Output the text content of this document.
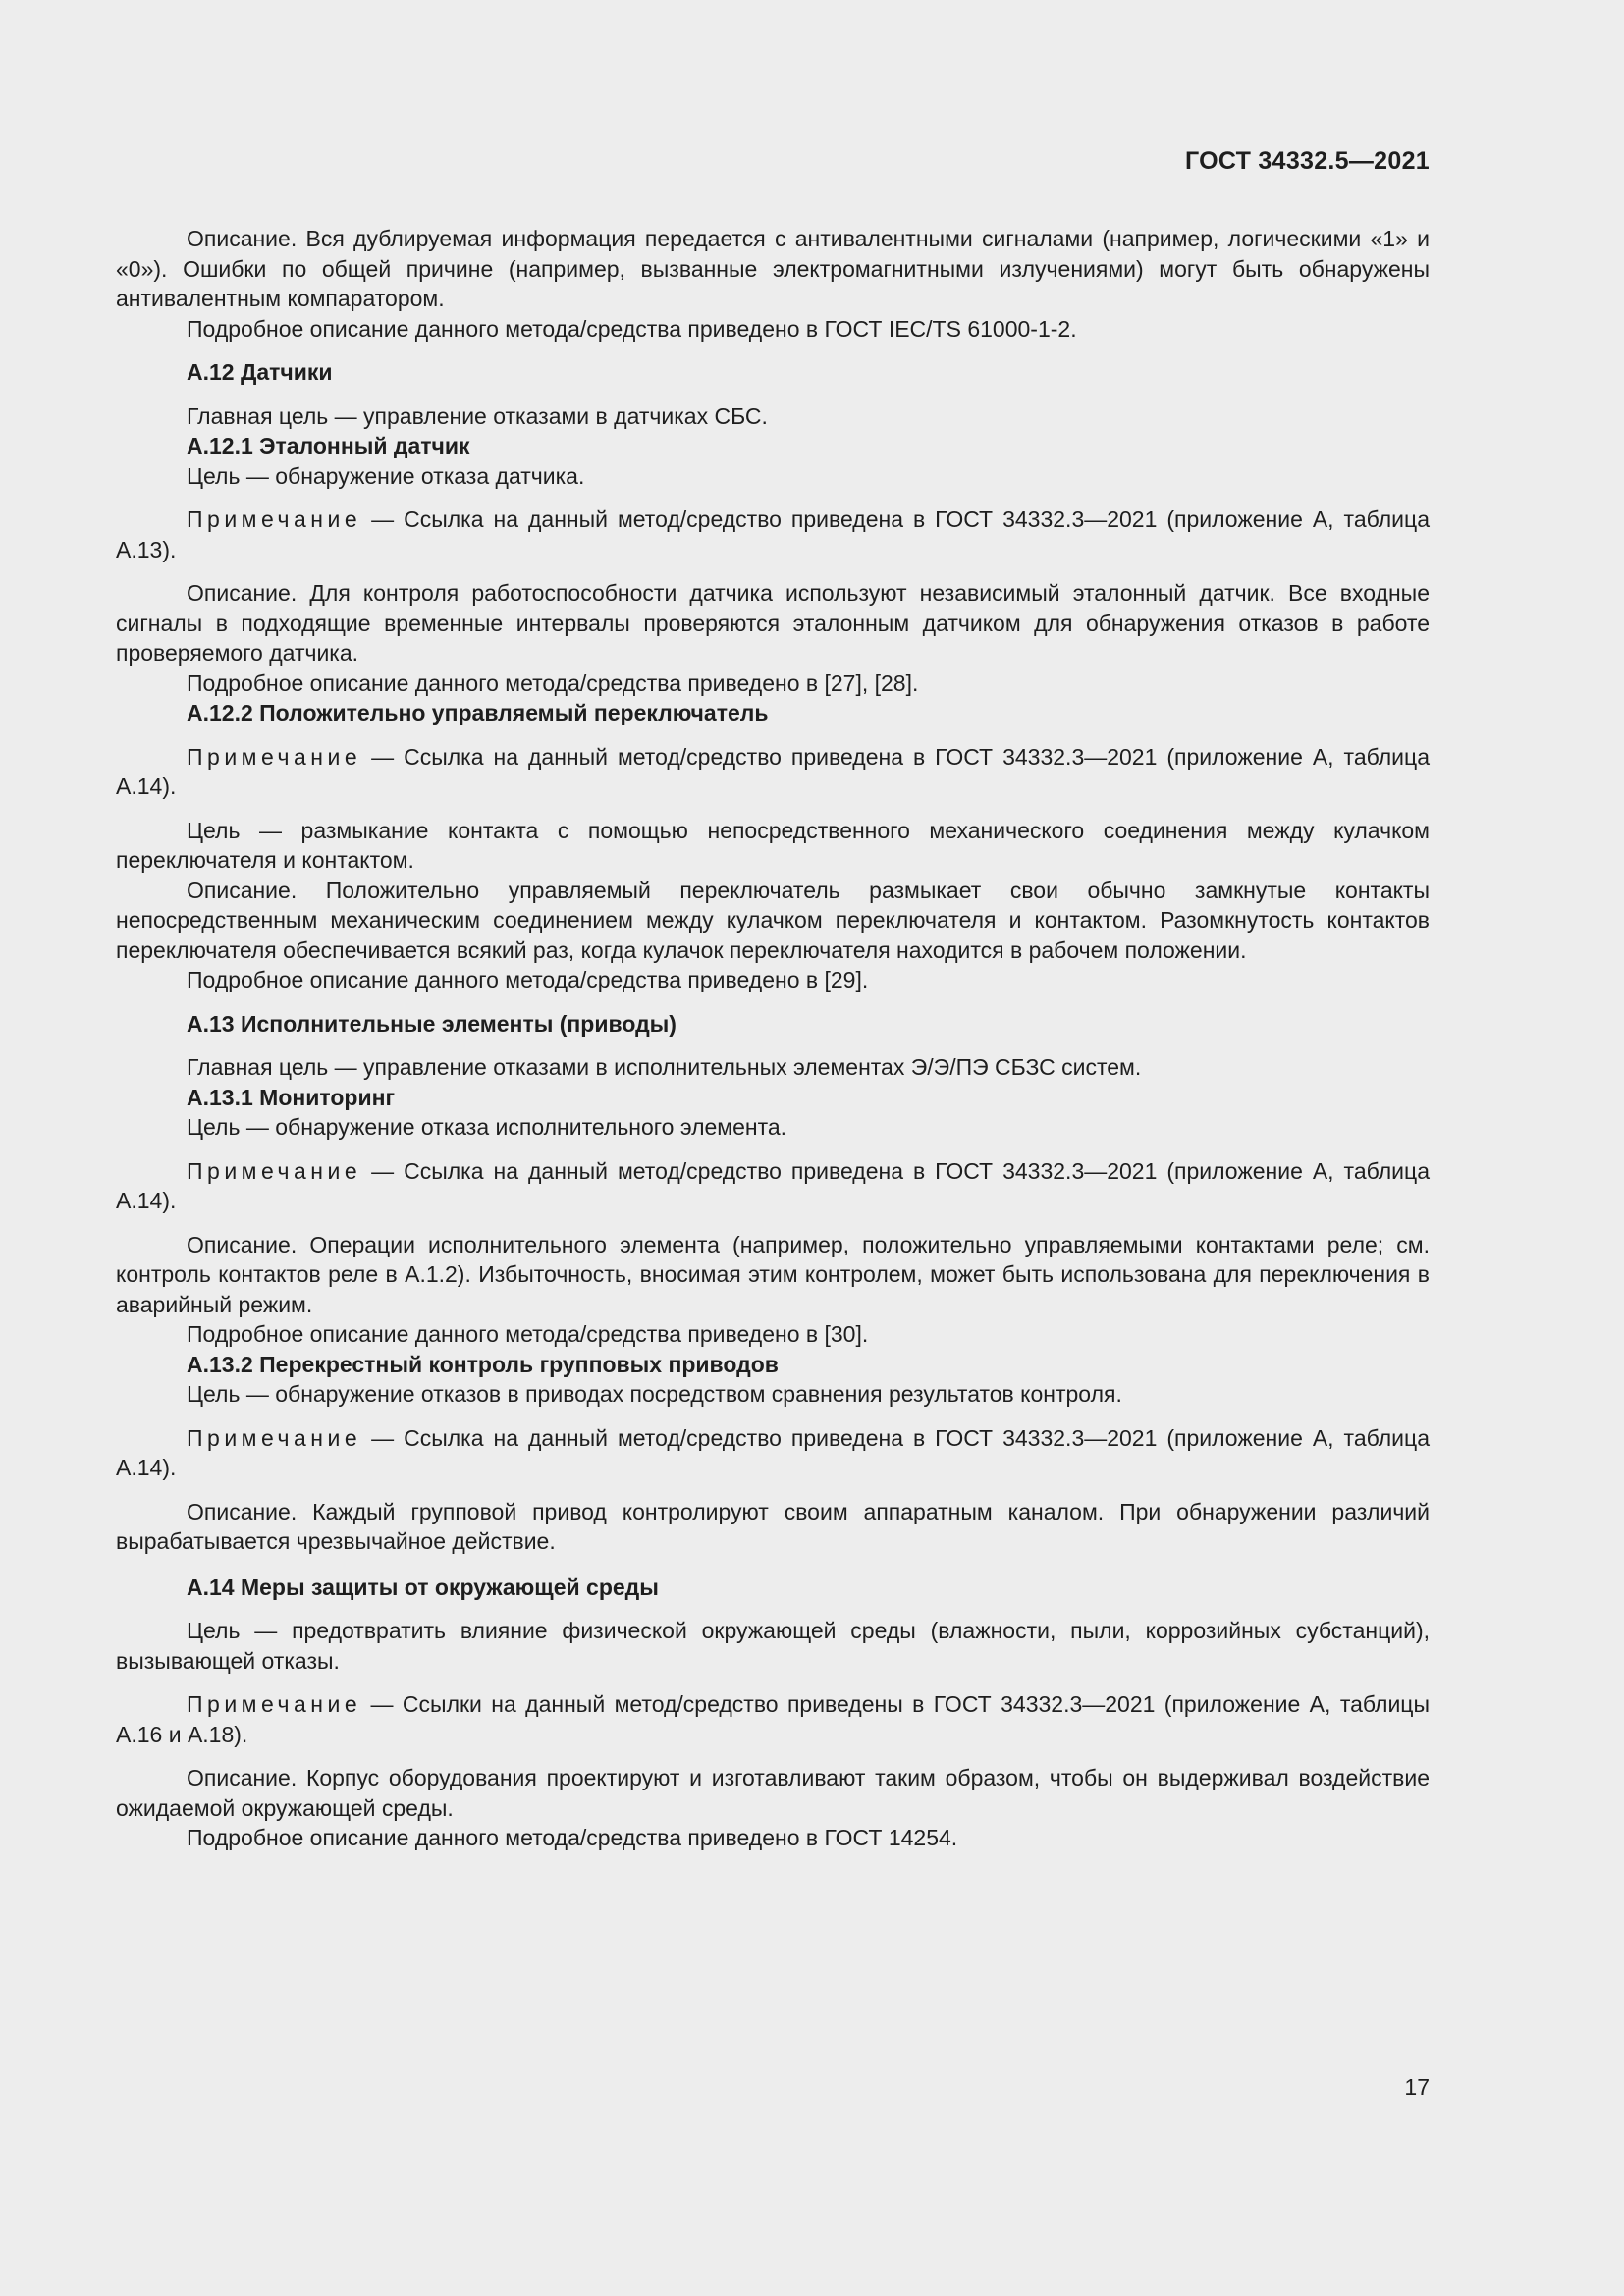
ГОСТ 34332.5—2021

Описание. Вся дублируемая информация передается с антивалентными сигналами (например, логическими «1» и «0»). Ошибки по общей причине (например, вызванные электромагнитными излучениями) могут быть обнаружены антивалентным компаратором.

Подробное описание данного метода/средства приведено в ГОСТ IEC/TS 61000-1-2.

А.12 Датчики

Главная цель — управление отказами в датчиках СБС.

А.12.1 Эталонный датчик

Цель — обнаружение отказа датчика.

Примечание — Ссылка на данный метод/средство приведена в ГОСТ 34332.3—2021 (приложение А, таблица А.13).

Описание. Для контроля работоспособности датчика используют независимый эталонный датчик. Все входные сигналы в подходящие временные интервалы проверяются эталонным датчиком для обнаружения отказов в работе проверяемого датчика.

Подробное описание данного метода/средства приведено в [27], [28].

А.12.2 Положительно управляемый переключатель

Примечание — Ссылка на данный метод/средство приведена в ГОСТ 34332.3—2021 (приложение А, таблица А.14).

Цель — размыкание контакта с помощью непосредственного механического соединения между кулачком переключателя и контактом.

Описание. Положительно управляемый переключатель размыкает свои обычно замкнутые контакты непосредственным механическим соединением между кулачком переключателя и контактом. Разомкнутость контактов переключателя обеспечивается всякий раз, когда кулачок переключателя находится в рабочем положении.

Подробное описание данного метода/средства приведено в [29].

А.13 Исполнительные элементы (приводы)

Главная цель — управление отказами в исполнительных элементах Э/Э/ПЭ СБЗС систем.

А.13.1 Мониторинг

Цель — обнаружение отказа исполнительного элемента.

Примечание — Ссылка на данный метод/средство приведена в ГОСТ 34332.3—2021 (приложение А, таблица А.14).

Описание. Операции исполнительного элемента (например, положительно управляемыми контактами реле; см. контроль контактов реле в А.1.2). Избыточность, вносимая этим контролем, может быть использована для переключения в аварийный режим.

Подробное описание данного метода/средства приведено в [30].

А.13.2 Перекрестный контроль групповых приводов

Цель — обнаружение отказов в приводах посредством сравнения результатов контроля.

Примечание — Ссылка на данный метод/средство приведена в ГОСТ 34332.3—2021 (приложение А, таблица А.14).

Описание. Каждый групповой привод контролируют своим аппаратным каналом. При обнаружении различий вырабатывается чрезвычайное действие.

А.14 Меры защиты от окружающей среды

Цель — предотвратить влияние физической окружающей среды (влажности, пыли, коррозийных субстанций), вызывающей отказы.

Примечание — Ссылки на данный метод/средство приведены в ГОСТ 34332.3—2021 (приложение А, таблицы А.16 и А.18).

Описание. Корпус оборудования проектируют и изготавливают таким образом, чтобы он выдерживал воздействие ожидаемой окружающей среды.

Подробное описание данного метода/средства приведено в ГОСТ 14254.

17
